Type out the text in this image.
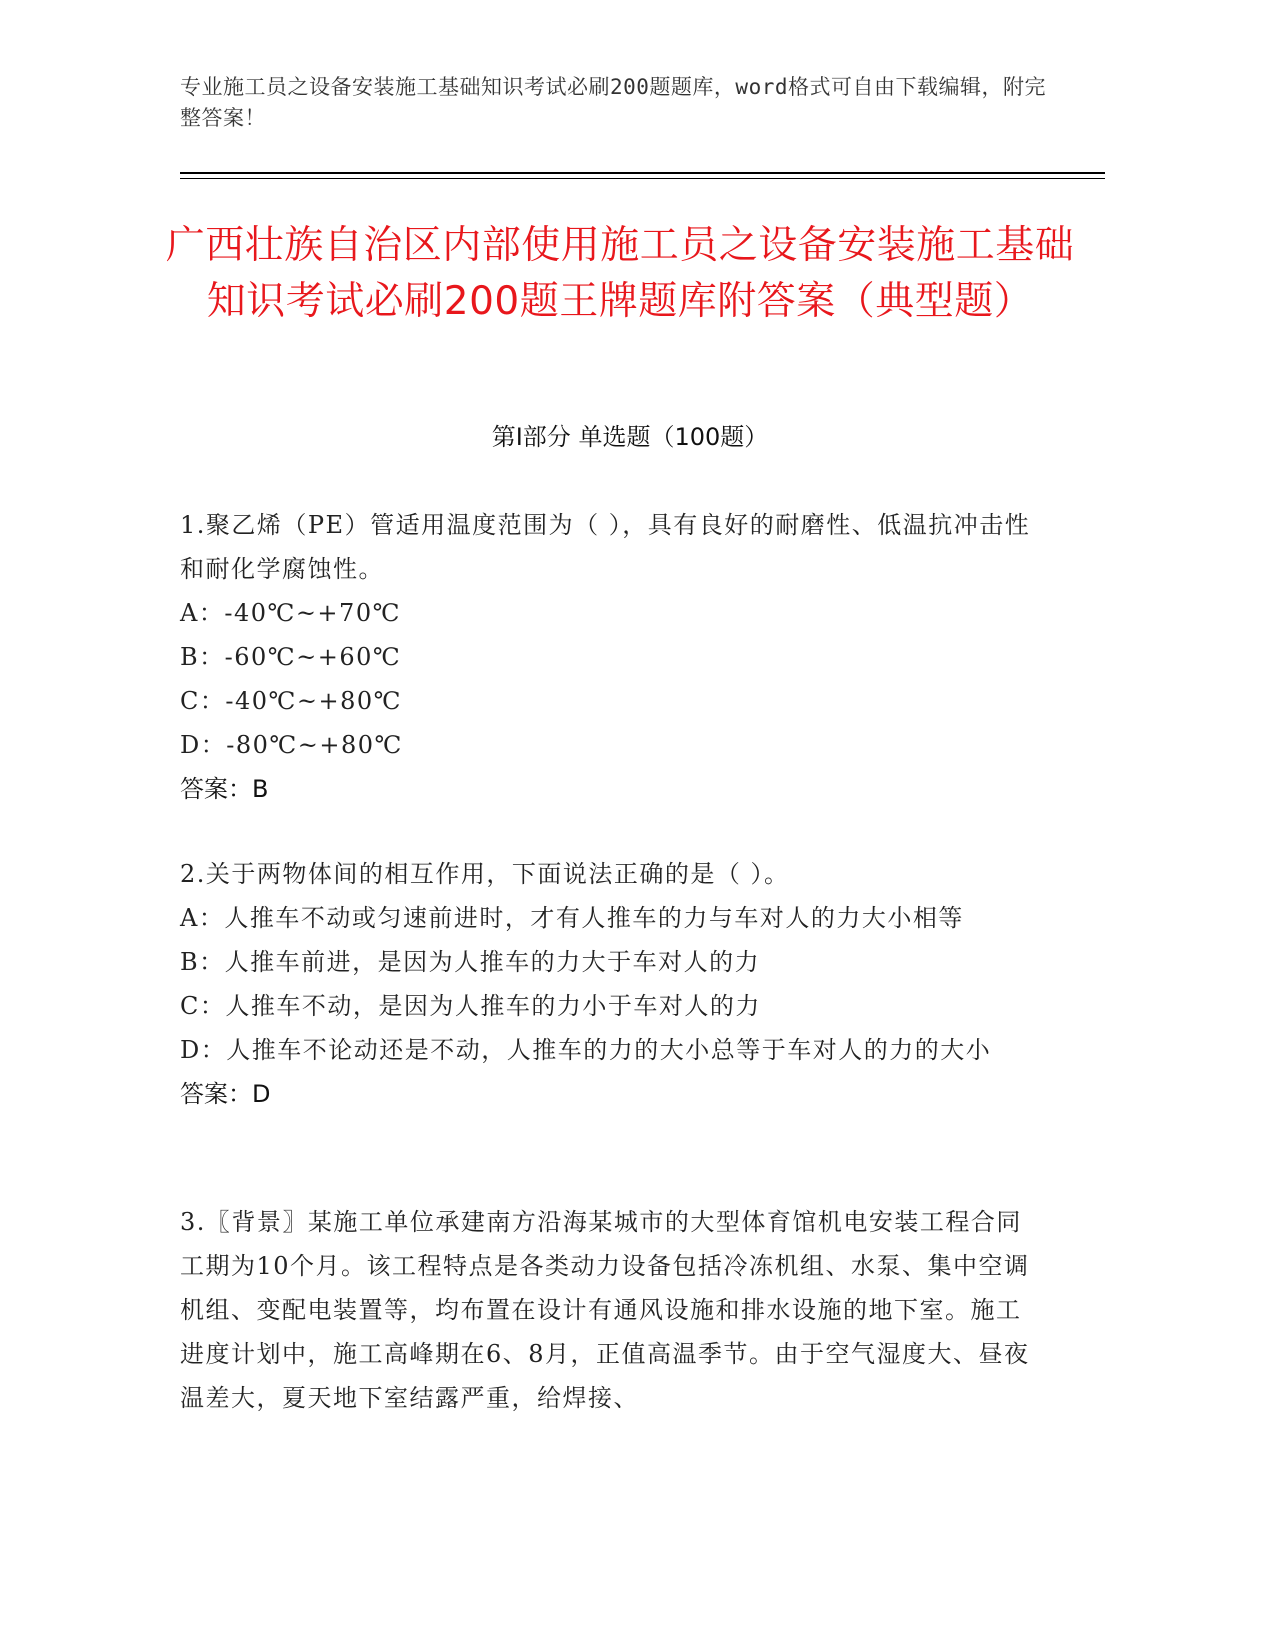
专业施工员之设备安装施工基础知识考试必刷200题题库，word格式可自由下载编辑，附完整答案！
广西壮族自治区内部使用施工员之设备安装施工基础知识考试必刷200题王牌题库附答案（典型题）
第Ⅰ部分 单选题（100题）

1.聚乙烯（PE）管适用温度范围为（ ），具有良好的耐磨性、低温抗冲击性和耐化学腐蚀性。

A：-40℃~+70℃

B：-60℃~+60℃

C：-40℃~+80℃

D：-80℃~+80℃

答案：B

2.关于两物体间的相互作用，下面说法正确的是（ ）。

A：人推车不动或匀速前进时，才有人推车的力与车对人的力大小相等

B：人推车前进，是因为人推车的力大于车对人的力

C：人推车不动，是因为人推车的力小于车对人的力

D：人推车不论动还是不动，人推车的力的大小总等于车对人的力的大小

答案：D

3.〖背景〗某施工单位承建南方沿海某城市的大型体育馆机电安装工程合同工期为10个月。该工程特点是各类动力设备包括冷冻机组、水泵、集中空调机组、变配电装置等，均布置在设计有通风设施和排水设施的地下室。施工进度计划中，施工高峰期在6、8月，正值高温季节。由于空气湿度大、昼夜温差大，夏天地下室结露严重，给焊接、
